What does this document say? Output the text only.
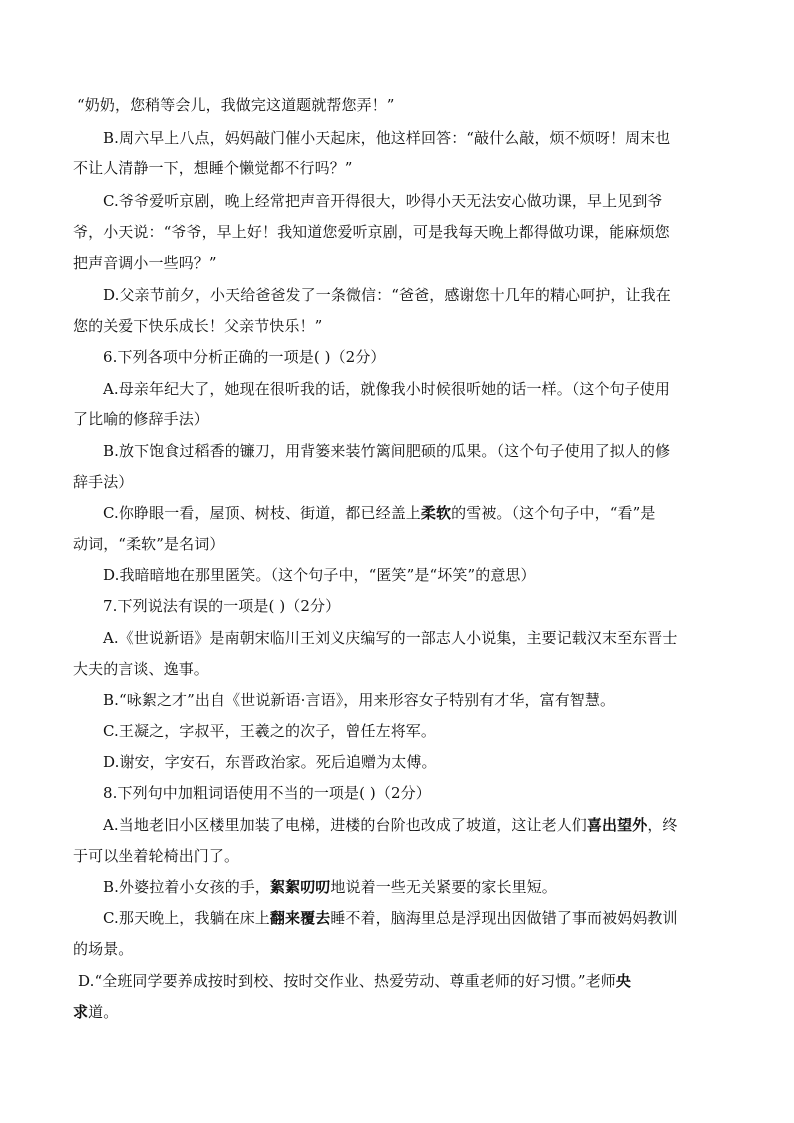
“奶奶，您稍等会儿，我做完这道题就帮您弄！”
B.周六早上八点，妈妈敲门催小天起床，他这样回答：“敲什么敲，烦不烦呀！周末也
不让人清静一下，想睡个懒觉都不行吗？”
C.爷爷爱听京剧，晚上经常把声音开得很大，吵得小天无法安心做功课，早上见到爷
爷，小天说：“爷爷，早上好！我知道您爱听京剧，可是我每天晚上都得做功课，能麻烦您
把声音调小一些吗？”
D.父亲节前夕，小天给爸爸发了一条微信：“爸爸，感谢您十几年的精心呵护，让我在
您的关爱下快乐成长！父亲节快乐！”
6.下列各项中分析正确的一项是( )（2分）
A.母亲年纪大了，她现在很听我的话，就像我小时候很听她的话一样。（这个句子使用
了比喻的修辞手法）
B.放下饱食过稻香的镰刀，用背篓来装竹篱间肥硕的瓜果。（这个句子使用了拟人的修
辞手法）
C.你睁眼一看，屋顶、树枝、街道，都已经盖上柔软的雪被。（这个句子中，“看”是
动词，“柔软”是名词）
D.我暗暗地在那里匿笑。（这个句子中，“匿笑”是“坏笑”的意思）
7.下列说法有误的一项是( )（2分）
A.《世说新语》是南朝宋临川王刘义庆编写的一部志人小说集，主要记载汉末至东晋士
大夫的言谈、逸事。
B.“咏絮之才”出自《世说新语·言语》，用来形容女子特别有才华，富有智慧。
C.王凝之，字叔平，王羲之的次子，曾任左将军。
D.谢安，字安石，东晋政治家。死后追赠为太傅。
8.下列句中加粗词语使用不当的一项是( )（2分）
A.当地老旧小区楼里加装了电梯，进楼的台阶也改成了坡道，这让老人们喜出望外，终
于可以坐着轮椅出门了。
B.外婆拉着小女孩的手，絮絮叨叨地说着一些无关紧要的家长里短。
C.那天晚上，我躺在床上翻来覆去睡不着，脑海里总是浮现出因做错了事而被妈妈教训
的场景。
D.“全班同学要养成按时到校、按时交作业、热爱劳动、尊重老师的好习惯。”老师央
求道。
